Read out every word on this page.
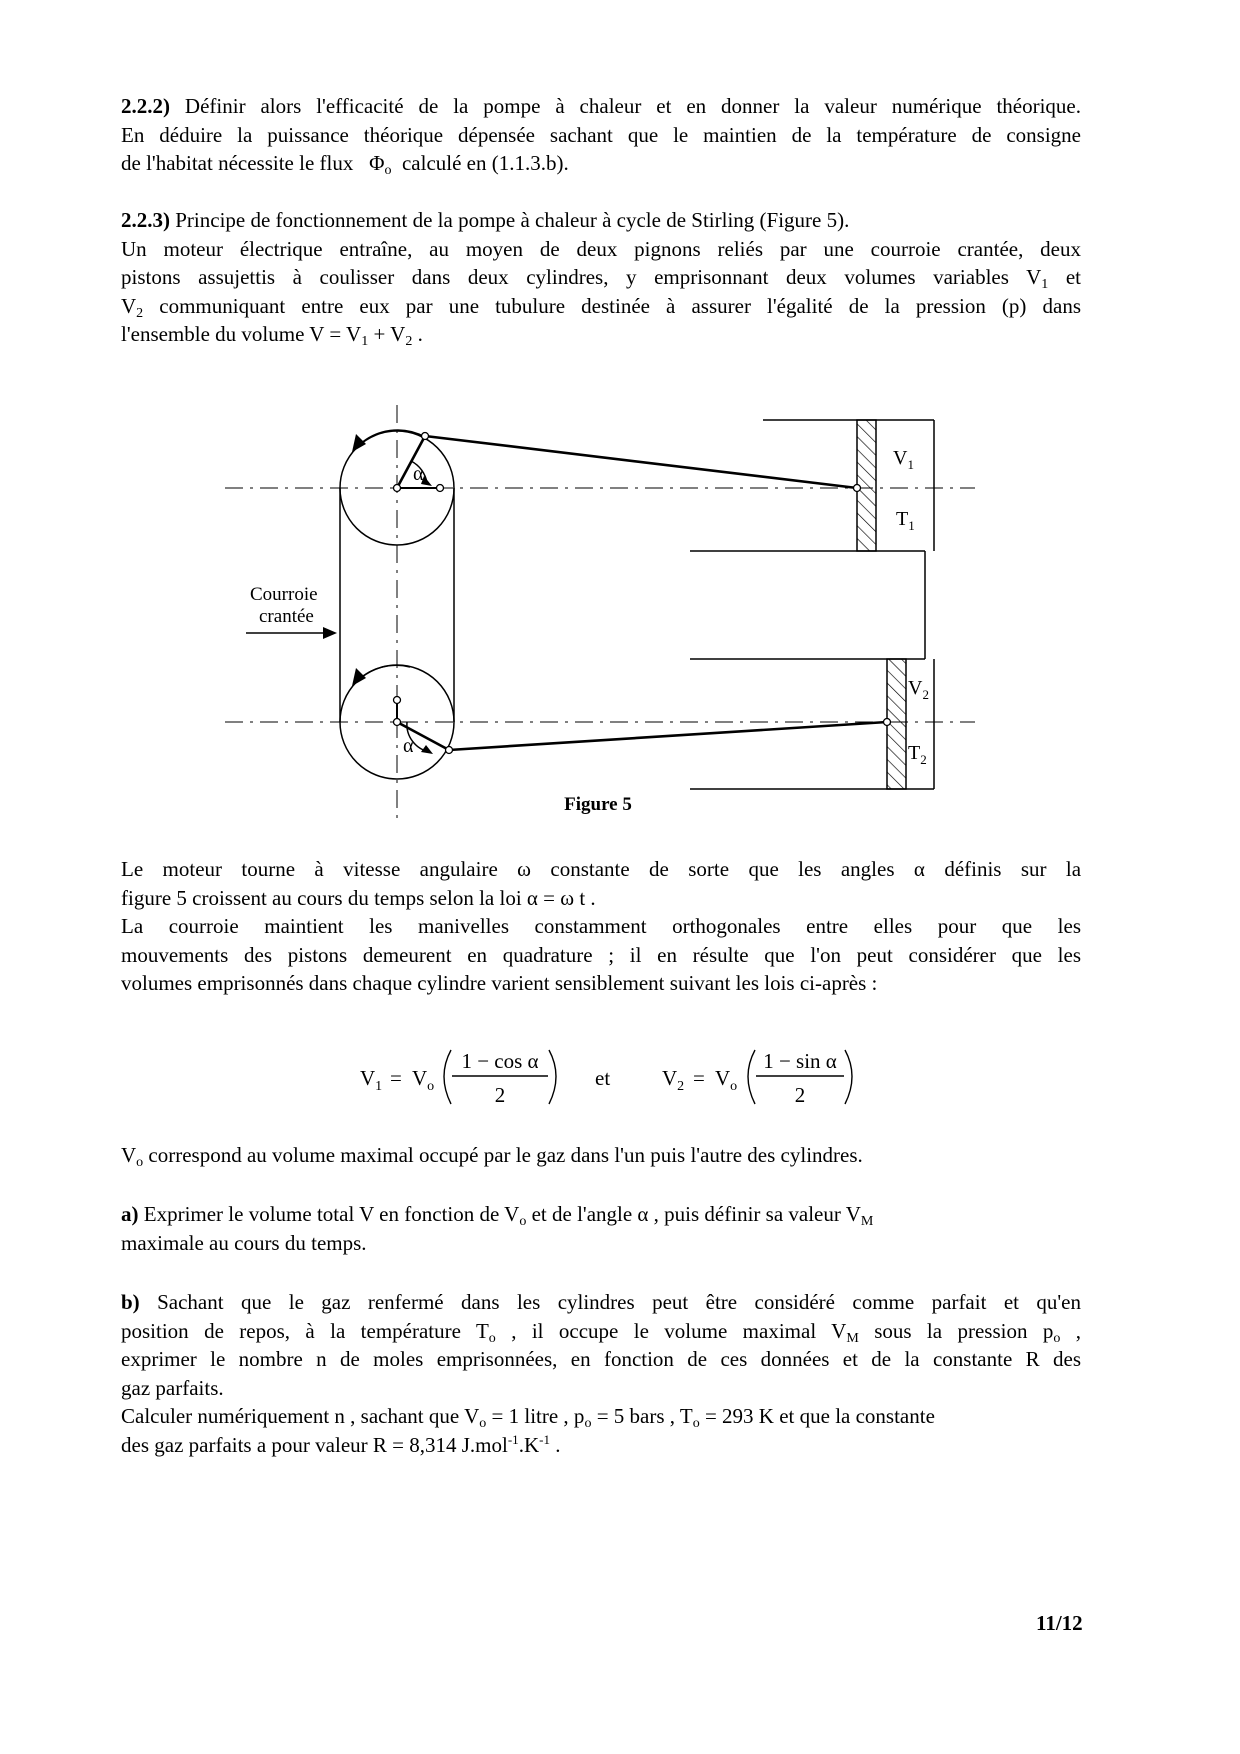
2.2.2) Définir alors l'efficacité de la pompe à chaleur et en donner la valeur numérique théorique.

En déduire la puissance théorique dépensée sachant que le maintien de la température de consigne

de l'habitat nécessite le flux $\Phi_o$ calculé en (1.1.3.b).

2.2.3) Principe de fonctionnement de la pompe à chaleur à cycle de Stirling (Figure 5).

Un moteur électrique entraîne, au moyen de deux pignons reliés par une courroie crantée, deux

pistons assujettis à coulisser dans deux cylindres, y emprisonnant deux volumes variables $V_1$ et

$V_2$ communiquant entre eux par une tubulure destinée à assurer l'égalité de la pression (p) dans

l'ensemble du volume $V = V_1 + V_2$ .

α
α
Courroie
crantée
$V_1$
$T_1$
$V_2$
$T_2$
Figure 5

Le moteur tourne à vitesse angulaire ω constante de sorte que les angles α définis sur la

figure 5 croissent au cours du temps selon la loi α = ω t .

La courroie maintient les manivelles constamment orthogonales entre elles pour que les

mouvements des pistons demeurent en quadrature ; il en résulte que l'on peut considérer que les

volumes emprisonnés dans chaque cylindre varient sensiblement suivant les lois ci-après :

$V_1 = V_o$
1 − cos α
2
et $V_2 = V_o$
1 − sin α
2

$V_o$ correspond au volume maximal occupé par le gaz dans l'un puis l'autre des cylindres.

a) Exprimer le volume total V en fonction de $V_o$ et de l'angle α , puis définir sa valeur $V_M$

maximale au cours du temps.

b) Sachant que le gaz renfermé dans les cylindres peut être considéré comme parfait et qu'en

position de repos, à la température $T_o$ , il occupe le volume maximal $V_M$ sous la pression $p_o$ ,

exprimer le nombre n de moles emprisonnées, en fonction de ces données et de la constante R des

gaz parfaits.

Calculer numériquement n , sachant que $V_o = 1$ litre , $p_o = 5$ bars , $T_o = 293$ K et que la constante

des gaz parfaits a pour valeur R = 8,314 $J.mol^{-1}.K^{-1}$ .

11/12
